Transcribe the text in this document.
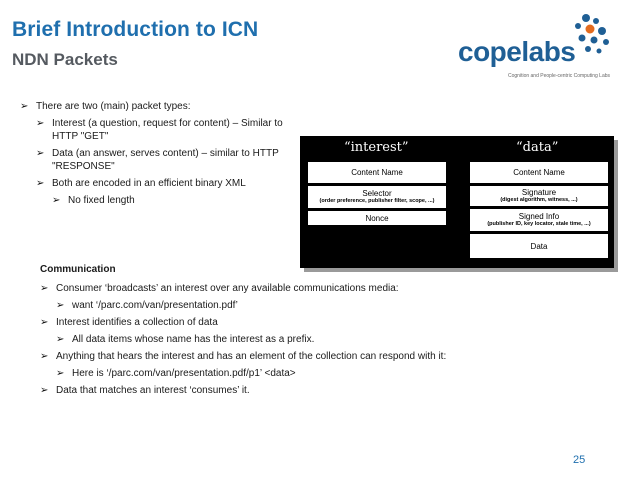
Brief Introduction to ICN
NDN Packets	copelabs
Cognition and People-centric Computing Labs
➢ There are two (main) packet types:
➢ Interest (a question, request for content) – Similar to HTTP "GET"
➢ Data (an answer, serves content) – similar to HTTP "RESPONSE"
➢ Both are encoded in an efficient binary XML
➢ No fixed length
“interest”	“data”
Content Name
Selector
(order preference, publisher filter, scope, ...)
Nonce
Content Name
Signature
(digest algorithm, witness, ...)
Signed Info
(publisher ID, key locator, stale time, ...)
Data
Communication
➢ Consumer ‘broadcasts’ an interest over any available communications media:
➢ want ‘/parc.com/van/presentation.pdf’
➢ Interest identifies a collection of data
➢ All data items whose name has the interest as a prefix.
➢ Anything that hears the interest and has an element of the collection can respond with it:
➢ Here is ‘/parc.com/van/presentation.pdf/p1’ <data>
➢ Data that matches an interest ‘consumes’ it.
25
